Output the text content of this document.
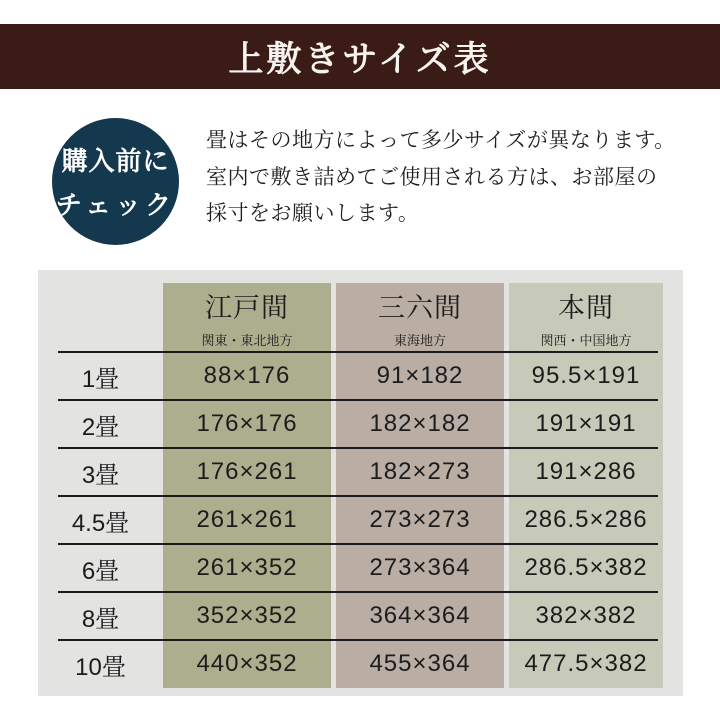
上敷きサイズ表
購入前に
チェック
畳はその地方によって多少サイズが異なります。
室内で敷き詰めてご使用される方は、お部屋の
採寸をお願いします。
江戸間
関東・東北地方
三六間
東海地方
本間
関西・中国地方
1畳	88×176	91×182	95.5×191
2畳	176×176	182×182	191×191
3畳	176×261	182×273	191×286
4.5畳	261×261	273×273 286.5×286
6畳	261×352	273×364 286.5×382
8畳	352×352	364×364	382×382
10畳	440×352	455×364 477.5×382
